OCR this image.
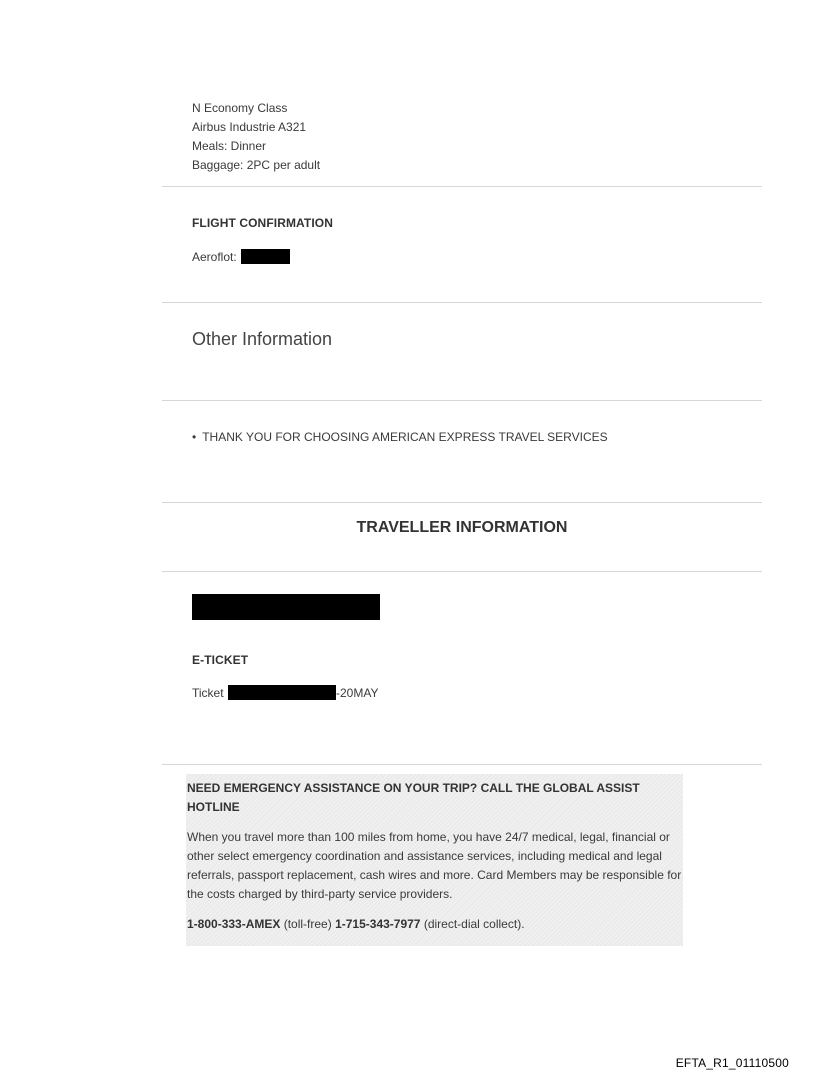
N Economy Class
Airbus Industrie A321
Meals: Dinner
Baggage: 2PC per adult
FLIGHT CONFIRMATION
Aeroflot:
Other Information
• THANK YOU FOR CHOOSING AMERICAN EXPRESS TRAVEL SERVICES
TRAVELLER INFORMATION
E-TICKET
Ticket	-20MAY
NEED EMERGENCY ASSISTANCE ON YOUR TRIP? CALL THE GLOBAL ASSIST HOTLINE
When you travel more than 100 miles from home, you have 24/7 medical, legal, financial or other select emergency coordination and assistance services, including medical and legal referrals, passport replacement, cash wires and more. Card Members may be responsible for the costs charged by third-party service providers.
1-800-333-AMEX (toll-free) 1-715-343-7977 (direct-dial collect).
EFTA_R1_01110500
